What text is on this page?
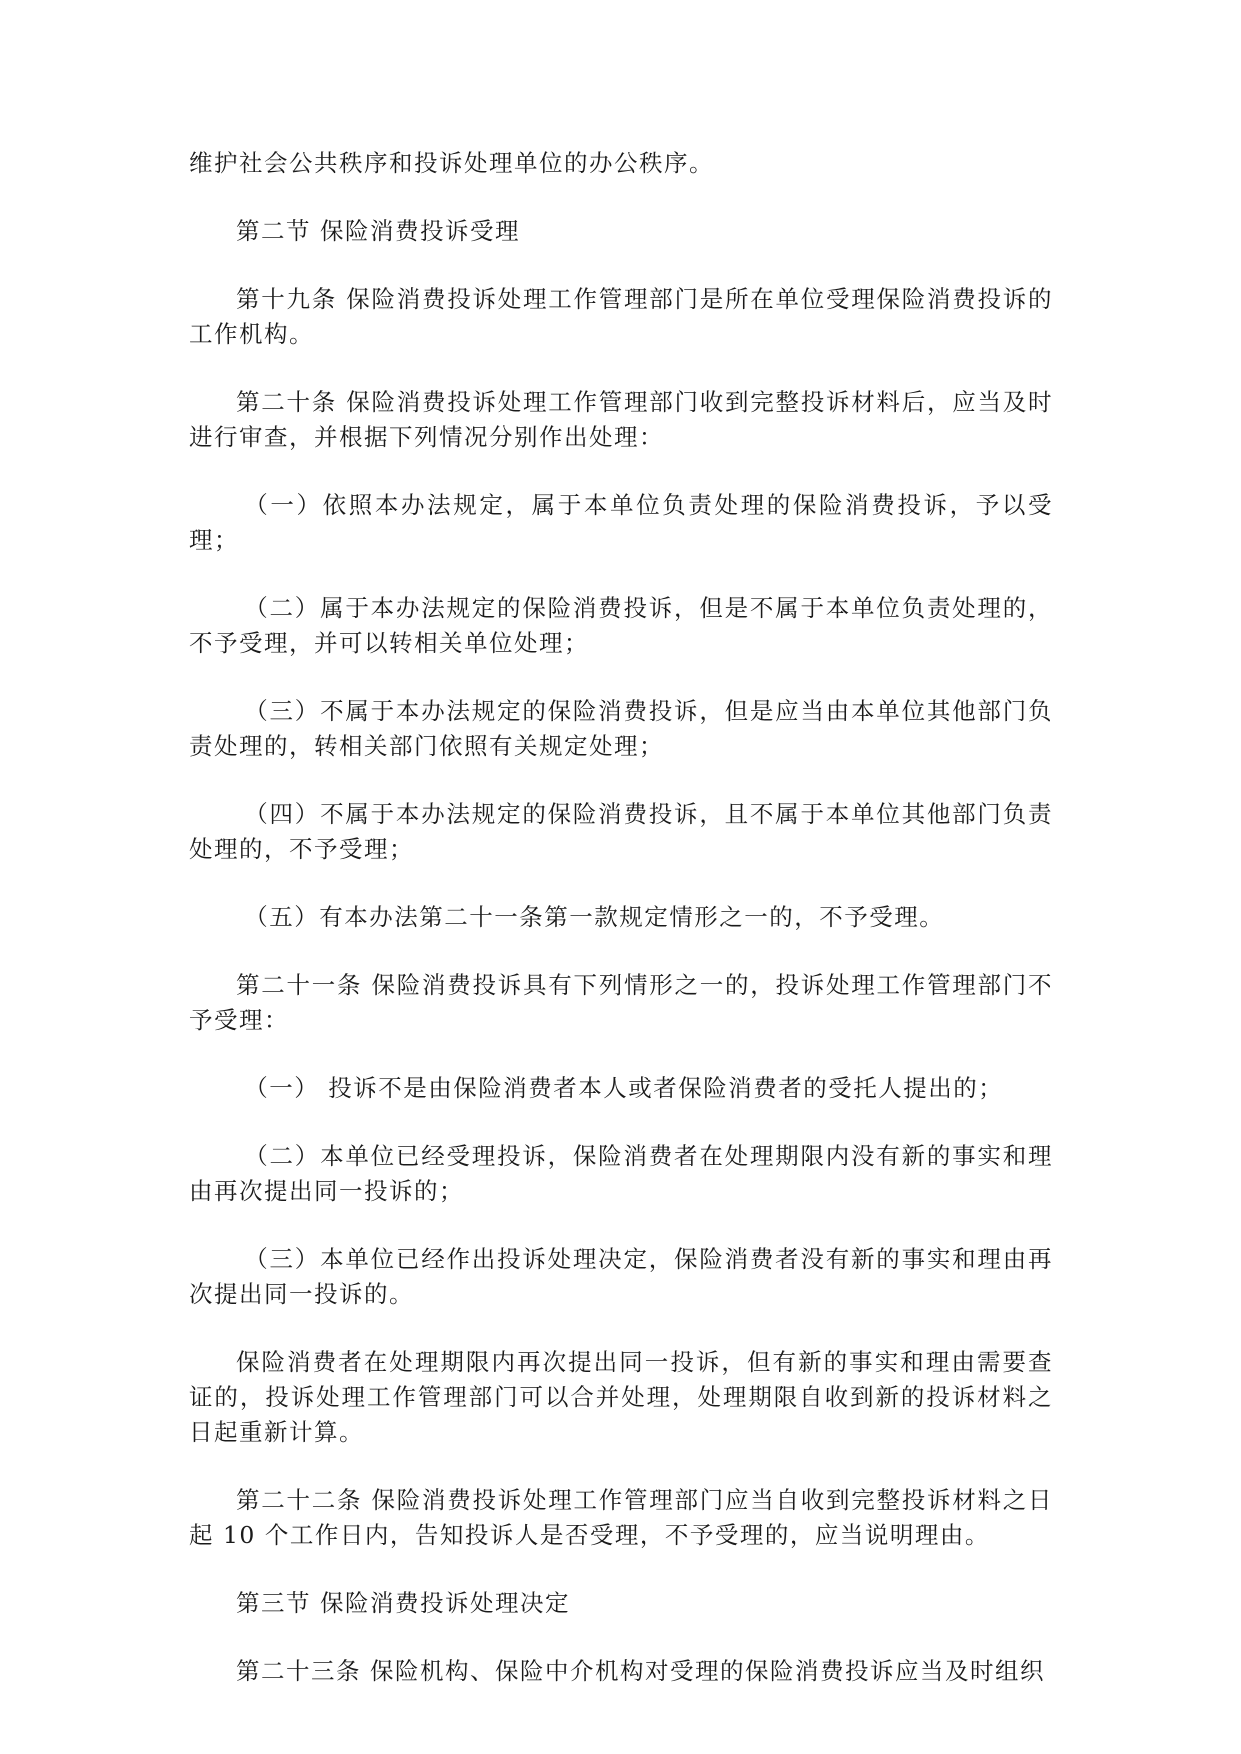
维护社会公共秩序和投诉处理单位的办公秩序。

第二节 保险消费投诉受理

第十九条 保险消费投诉处理工作管理部门是所在单位受理保险消费投诉的工作机构。

第二十条 保险消费投诉处理工作管理部门收到完整投诉材料后，应当及时进行审查，并根据下列情况分别作出处理：

（一）依照本办法规定，属于本单位负责处理的保险消费投诉，予以受理；

（二）属于本办法规定的保险消费投诉，但是不属于本单位负责处理的，不予受理，并可以转相关单位处理；

（三）不属于本办法规定的保险消费投诉，但是应当由本单位其他部门负责处理的，转相关部门依照有关规定处理；

（四）不属于本办法规定的保险消费投诉，且不属于本单位其他部门负责处理的，不予受理；

（五）有本办法第二十一条第一款规定情形之一的，不予受理。

第二十一条 保险消费投诉具有下列情形之一的，投诉处理工作管理部门不予受理：

（一） 投诉不是由保险消费者本人或者保险消费者的受托人提出的；

（二）本单位已经受理投诉，保险消费者在处理期限内没有新的事实和理由再次提出同一投诉的；

（三）本单位已经作出投诉处理决定，保险消费者没有新的事实和理由再次提出同一投诉的。

保险消费者在处理期限内再次提出同一投诉，但有新的事实和理由需要查证的，投诉处理工作管理部门可以合并处理，处理期限自收到新的投诉材料之日起重新计算。

第二十二条 保险消费投诉处理工作管理部门应当自收到完整投诉材料之日起 10 个工作日内，告知投诉人是否受理，不予受理的，应当说明理由。

第三节 保险消费投诉处理决定

第二十三条 保险机构、保险中介机构对受理的保险消费投诉应当及时组织
